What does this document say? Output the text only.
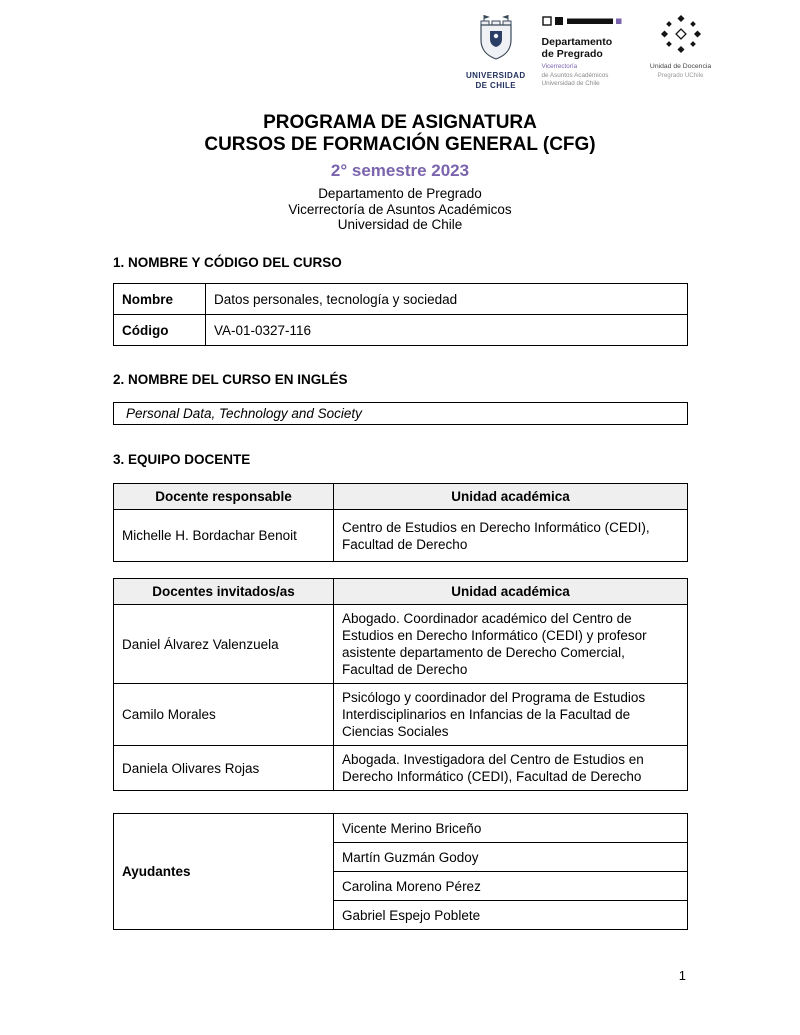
UNIVERSIDAD
DE CHILE
Departamento
de Pregrado
Vicerrectoría
de Asuntos Académicos
Universidad de Chile
Unidad de Docencia
Pregrado UChile
PROGRAMA DE ASIGNATURA
CURSOS DE FORMACIÓN GENERAL (CFG)
2° semestre 2023
Departamento de Pregrado
Vicerrectoría de Asuntos Académicos
Universidad de Chile
1. NOMBRE Y CÓDIGO DEL CURSO
Nombre	Datos personales, tecnología y sociedad
Código	VA-01-0327-116
2. NOMBRE DEL CURSO EN INGLÉS
Personal Data, Technology and Society
3. EQUIPO DOCENTE
Docente responsable	Unidad académica
Michelle H. Bordachar Benoit	Centro de Estudios en Derecho Informático (CEDI), Facultad de Derecho
Docentes invitados/as	Unidad académica
Daniel Álvarez Valenzuela	Abogado. Coordinador académico del Centro de Estudios en Derecho Informático (CEDI) y profesor asistente departamento de Derecho Comercial, Facultad de Derecho
Camilo Morales	Psicólogo y coordinador del Programa de Estudios Interdisciplinarios en Infancias de la Facultad de Ciencias Sociales
Daniela Olivares Rojas	Abogada. Investigadora del Centro de Estudios en Derecho Informático (CEDI), Facultad de Derecho
Ayudantes	Vicente Merino Briceño
Martín Guzmán Godoy
Carolina Moreno Pérez
Gabriel Espejo Poblete
1
